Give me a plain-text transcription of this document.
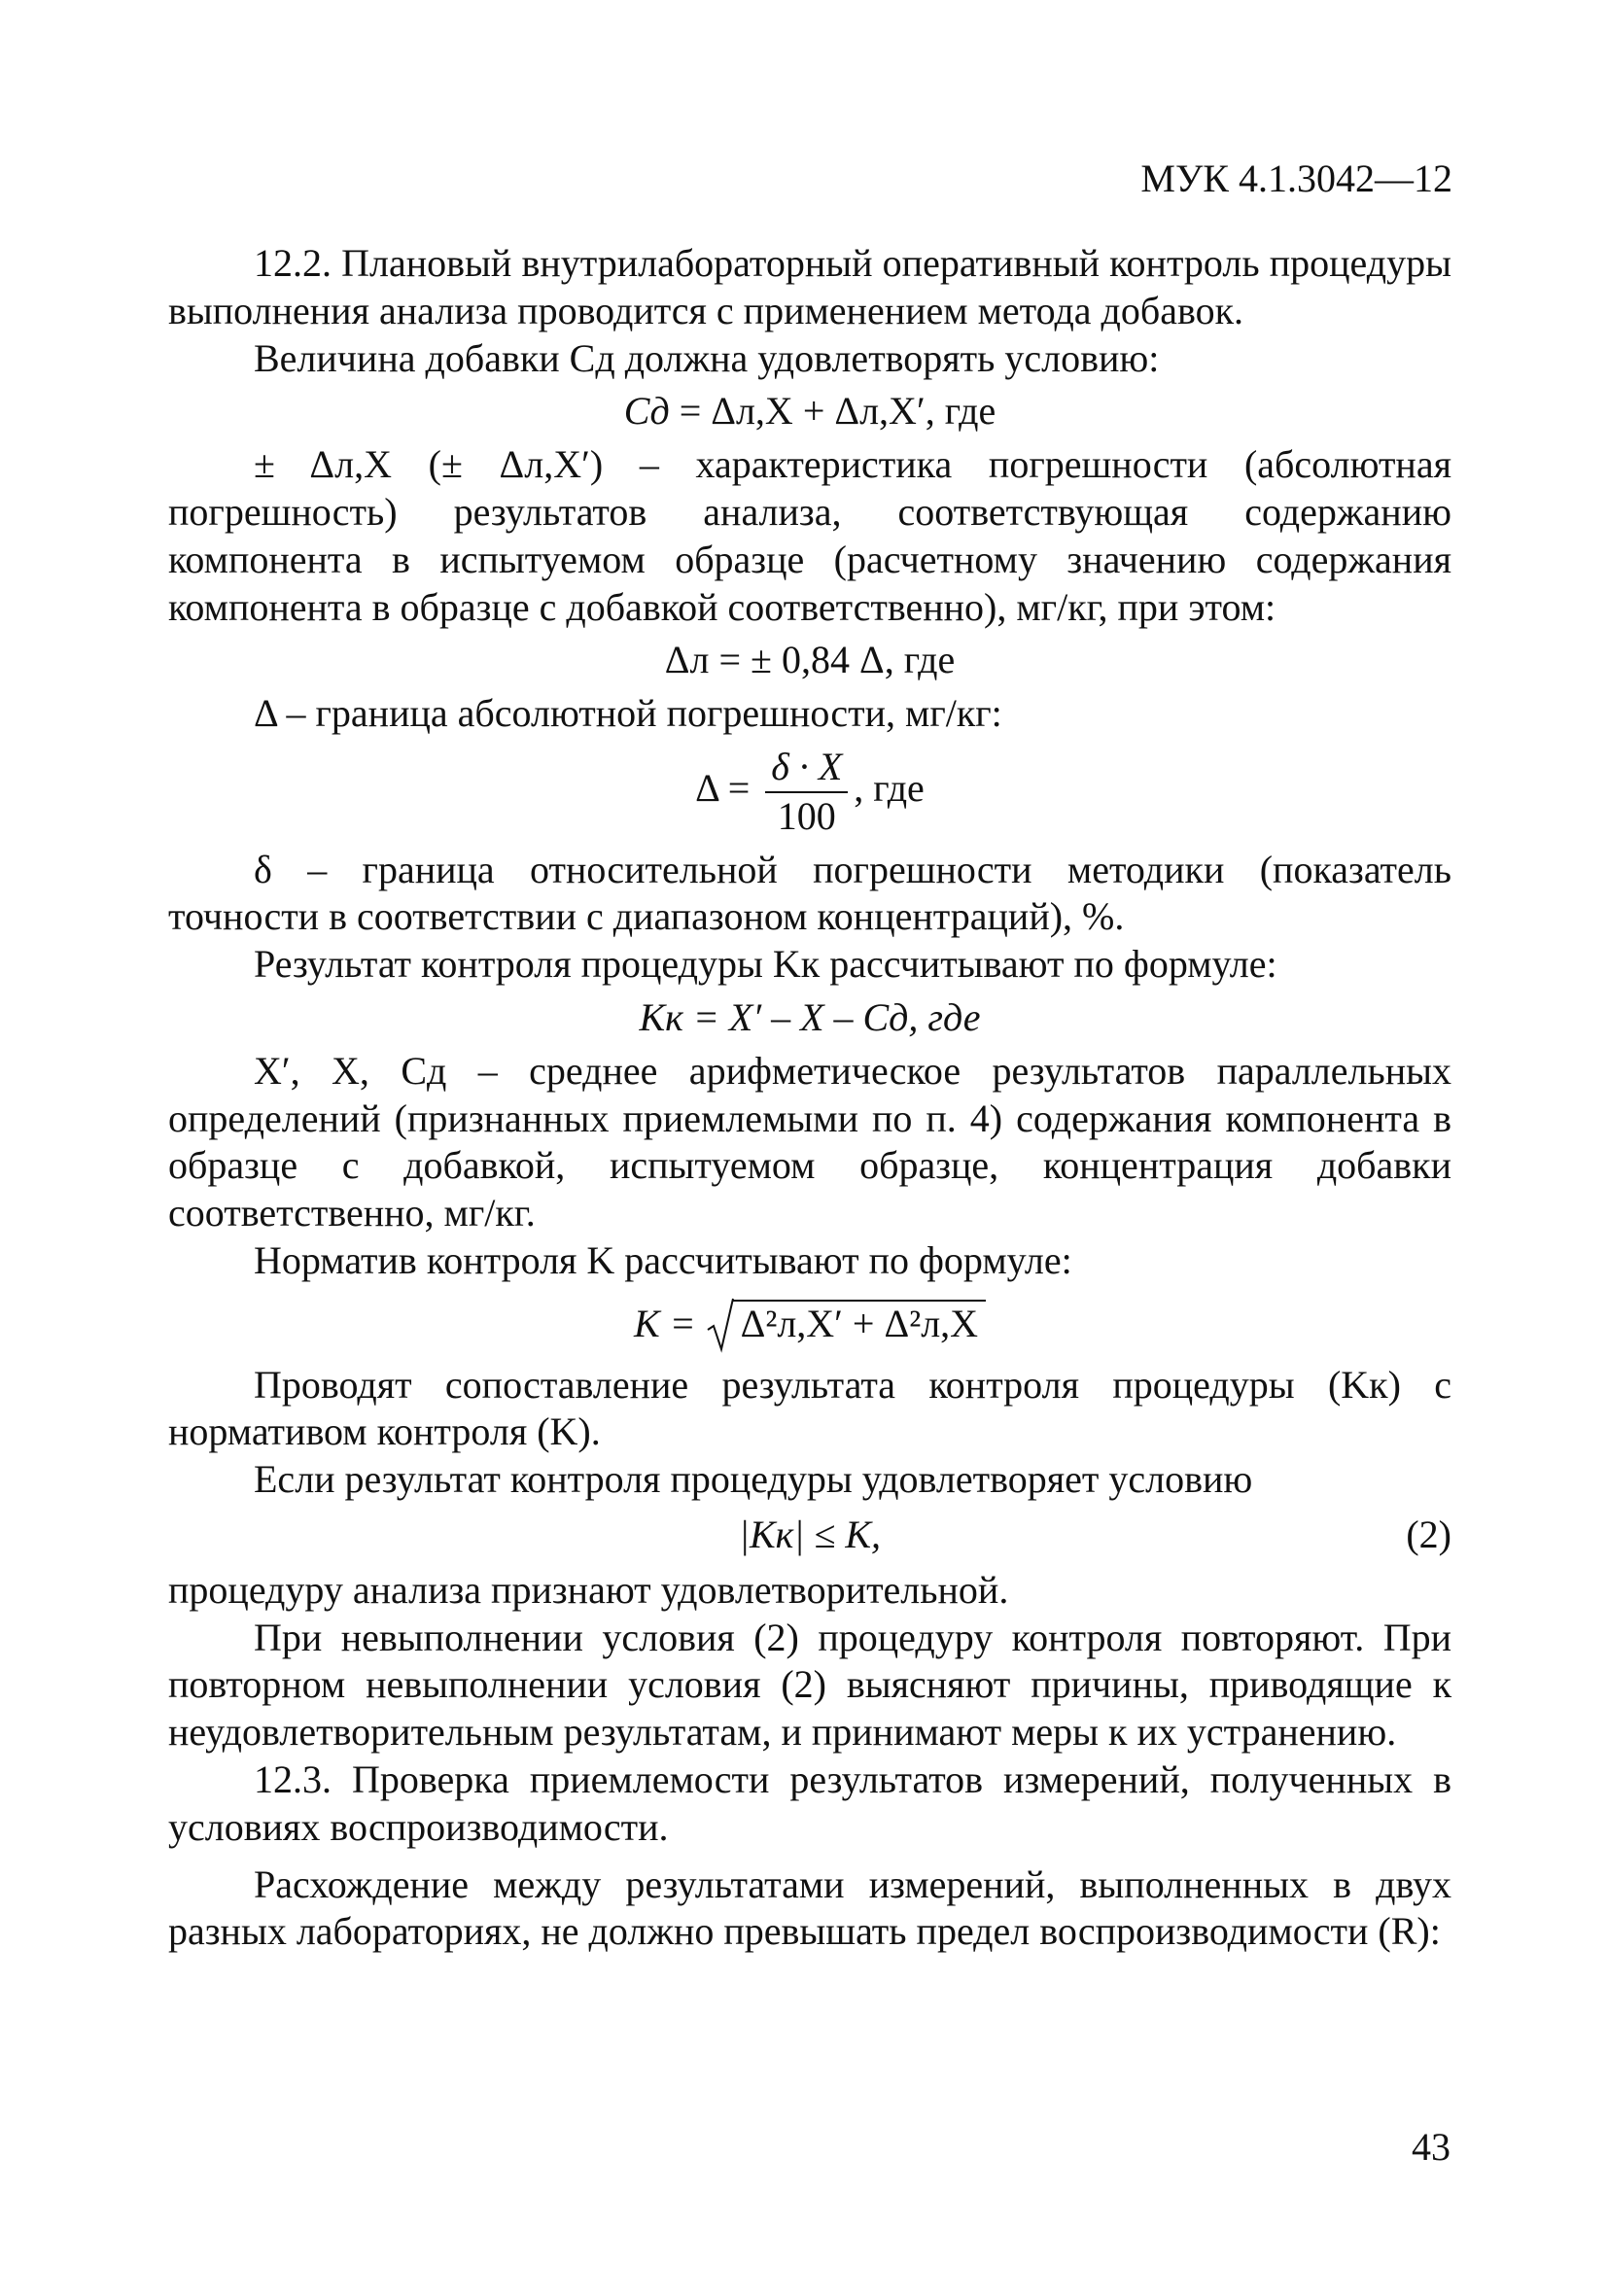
МУК 4.1.3042—12

12.2. Плановый внутрилабораторный оперативный контроль процедуры выполнения анализа проводится с применением метода добавок.

Величина добавки Cд должна удовлетворять условию:

Cд = Δл,X + Δл,X′, где

± Δл,X (± Δл,X′) – характеристика погрешности (абсолютная погрешность) результатов анализа, соответствующая содержанию компонента в испытуемом образце (расчетному значению содержания компонента в образце с добавкой соответственно), мг/кг, при этом:

Δл = ± 0,84 Δ, где

Δ – граница абсолютной погрешности, мг/кг:

$\Delta = \frac{\delta \cdot X}{100}$ , где

δ – граница относительной погрешности методики (показатель точности в соответствии с диапазоном концентраций), %.

Результат контроля процедуры Kк рассчитывают по формуле:

Kк = X′ – X – Cд, где

X′, X, Cд – среднее арифметическое результатов параллельных определений (признанных приемлемыми по п. 4) содержания компонента в образце с добавкой, испытуемом образце, концентрация добавки соответственно, мг/кг.

Норматив контроля K рассчитывают по формуле:

K = Δ²л,X′ + Δ²л,X

Проводят сопоставление результата контроля процедуры (Kк) с нормативом контроля (K).

Если результат контроля процедуры удовлетворяет условию

|Kк| ≤ K,	(2)

процедуру анализа признают удовлетворительной.

При невыполнении условия (2) процедуру контроля повторяют. При повторном невыполнении условия (2) выясняют причины, приводящие к неудовлетворительным результатам, и принимают меры к их устранению.

12.3. Проверка приемлемости результатов измерений, полученных в условиях воспроизводимости.

Расхождение между результатами измерений, выполненных в двух разных лабораториях, не должно превышать предел воспроизводимости (R):

43
